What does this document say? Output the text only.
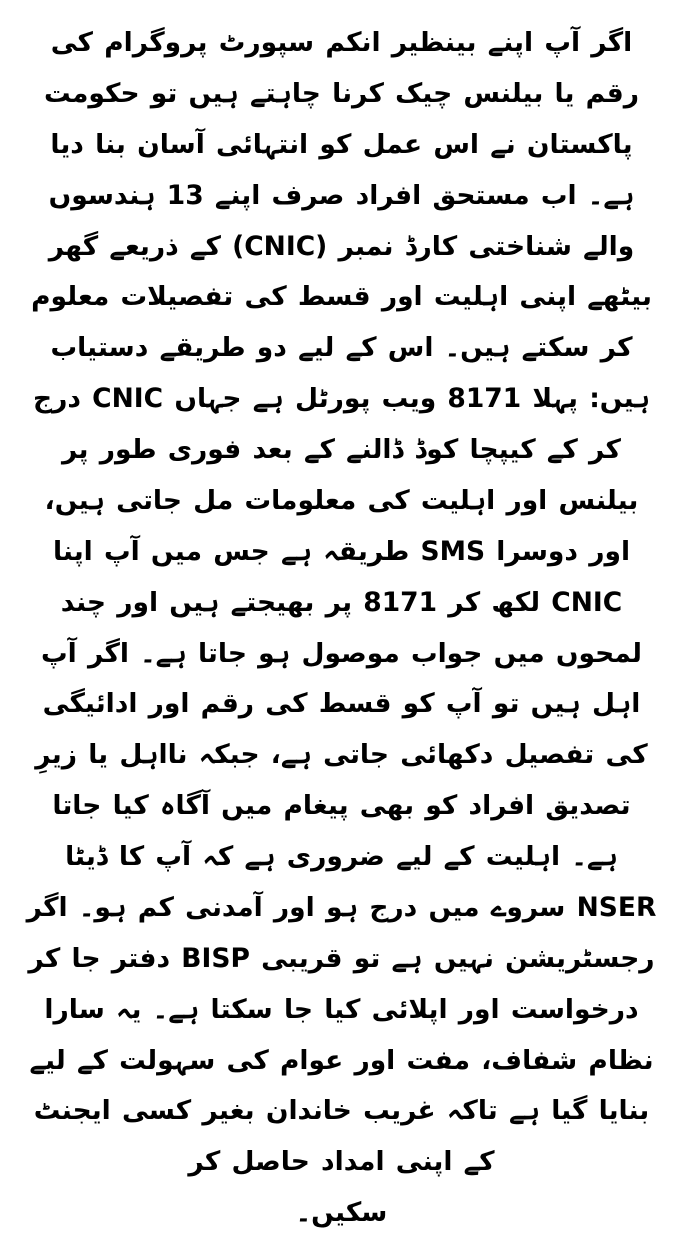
اگر آپ اپنے بینظیر انکم سپورٹ پروگرام کی رقم یا بیلنس چیک کرنا چاہتے ہیں تو حکومت پاکستان نے اس عمل کو انتہائی آسان بنا دیا ہے۔ اب مستحق افراد صرف اپنے 13 ہندسوں والے شناختی کارڈ نمبر (CNIC) کے ذریعے گھر بیٹھے اپنی اہلیت اور قسط کی تفصیلات معلوم کر سکتے ہیں۔ اس کے لیے دو طریقے دستیاب ہیں: پہلا 8171 ویب پورٹل ہے جہاں CNIC درج کر کے کیپچا کوڈ ڈالنے کے بعد فوری طور پر بیلنس اور اہلیت کی معلومات مل جاتی ہیں، اور دوسرا SMS طریقہ ہے جس میں آپ اپنا CNIC لکھ کر 8171 پر بھیجتے ہیں اور چند لمحوں میں جواب موصول ہو جاتا ہے۔ اگر آپ اہل ہیں تو آپ کو قسط کی رقم اور ادائیگی کی تفصیل دکھائی جاتی ہے، جبکہ نااہل یا زیرِ تصدیق افراد کو بھی پیغام میں آگاہ کیا جاتا ہے۔ اہلیت کے لیے ضروری ہے کہ آپ کا ڈیٹا NSER سروے میں درج ہو اور آمدنی کم ہو۔ اگر رجسٹریشن نہیں ہے تو قریبی BISP دفتر جا کر درخواست اور اپلائی کیا جا سکتا ہے۔ یہ سارا نظام شفاف، مفت اور عوام کی سہولت کے لیے بنایا گیا ہے تاکہ غریب خاندان بغیر کسی ایجنٹ کے اپنی امداد حاصل کر

سکیں۔
